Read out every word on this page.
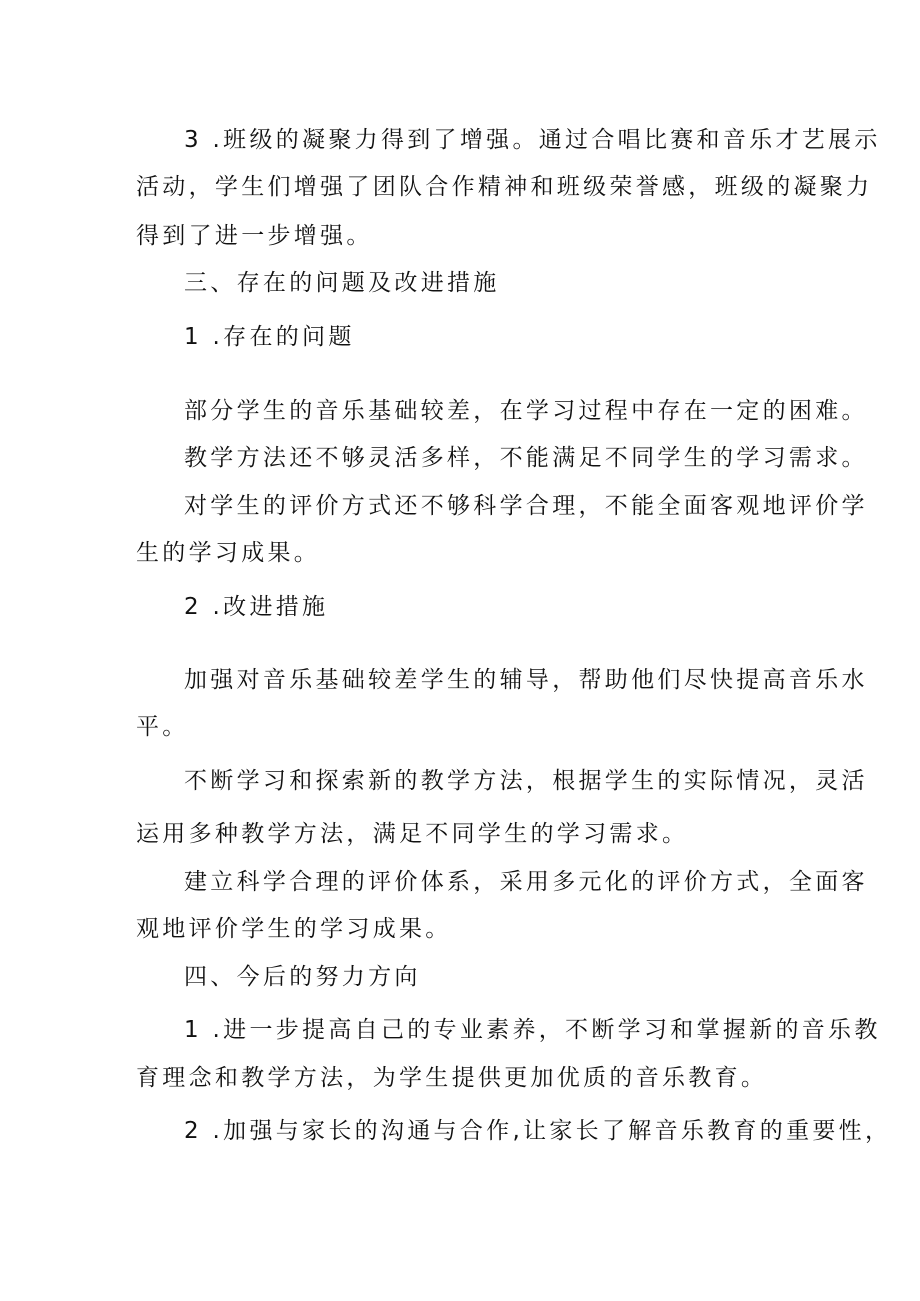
3 .班级的凝聚力得到了增强。通过合唱比赛和音乐才艺展示
活动，学生们增强了团队合作精神和班级荣誉感，班级的凝聚力
得到了进一步增强。
三、存在的问题及改进措施
1 .存在的问题
部分学生的音乐基础较差，在学习过程中存在一定的困难。
教学方法还不够灵活多样，不能满足不同学生的学习需求。
对学生的评价方式还不够科学合理，不能全面客观地评价学
生的学习成果。
2 .改进措施
加强对音乐基础较差学生的辅导，帮助他们尽快提高音乐水
平。
不断学习和探索新的教学方法，根据学生的实际情况，灵活
运用多种教学方法，满足不同学生的学习需求。
建立科学合理的评价体系，采用多元化的评价方式，全面客
观地评价学生的学习成果。
四、今后的努力方向
1 .进一步提高自己的专业素养，不断学习和掌握新的音乐教
育理念和教学方法，为学生提供更加优质的音乐教育。
2 .加强与家长的沟通与合作,让家长了解音乐教育的重要性，
